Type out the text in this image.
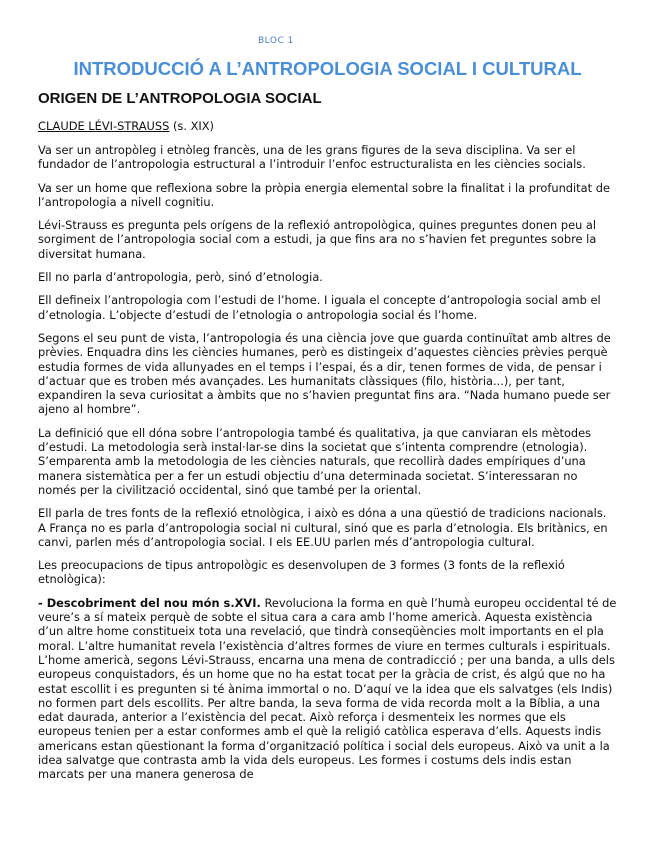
BLOC 1
INTRODUCCIÓ A L’ANTROPOLOGIA SOCIAL I CULTURAL
ORIGEN DE L’ANTROPOLOGIA SOCIAL
CLAUDE LÉVI-STRAUSS (s. XIX)

Va ser un antropòleg i etnòleg francès, una de les grans figures de la seva disciplina. Va ser el fundador de l’antropologia estructural a l’introduir l’enfoc estructuralista en les ciències socials.

Va ser un home que reflexiona sobre la pròpia energia elemental sobre la finalitat i la profunditat de l’antropologia a nivell cognitiu.

Lévi-Strauss es pregunta pels orígens de la reflexió antropològica, quines preguntes donen peu al sorgiment de l’antropologia social com a estudi, ja que fins ara no s’havien fet preguntes sobre la diversitat humana.

Ell no parla d’antropologia, però, sinó d’etnologia.

Ell defineix l’antropologia com l’estudi de l’home. I iguala el concepte d’antropologia social amb el d’etnologia. L’objecte d’estudi de l’etnologia o antropologia social és l’home.

Segons el seu punt de vista, l’antropologia és una ciència jove que guarda continuïtat amb altres de prèvies. Enquadra dins les ciències humanes, però es distingeix d’aquestes ciències prèvies perquè estudia formes de vida allunyades en el temps i l’espai, és a dir, tenen formes de vida, de pensar i d’actuar que es troben més avançades. Les humanitats clàssiques (filo, història...), per tant, expandiren la seva curiositat a àmbits que no s’havien preguntat fins ara. “Nada humano puede ser ajeno al hombre”.

La definició que ell dóna sobre l’antropologia també és qualitativa, ja que canviaran els mètodes d’estudi. La metodologia serà instal·lar-se dins la societat que s’intenta comprendre (etnologia). S’emparenta amb la metodologia de les ciències naturals, que recollirà dades empíriques d’una manera sistemàtica per a fer un estudi objectiu d’una determinada societat. S’interessaran no només per la civilització occidental, sinó que també per la oriental.

Ell parla de tres fonts de la reflexió etnològica, i això es dóna a una qüestió de tradicions nacionals. A França no es parla d’antropologia social ni cultural, sinó que es parla d’etnologia. Els britànics, en canvi, parlen més d’antropologia social. I els EE.UU parlen més d’antropologia cultural.

Les preocupacions de tipus antropològic es desenvolupen de 3 formes (3 fonts de la reflexió etnològica):

- Descobriment del nou món s.XVI. Revoluciona la forma en què l’humà europeu occidental té de veure’s a sí mateix perquè de sobte el situa cara a cara amb l’home americà. Aquesta existència d’un altre home constitueix tota una revelació, que tindrà conseqüències molt importants en el pla moral. L’altre humanitat revela l’existència d’altres formes de viure en termes culturals i espirituals. L’home americà, segons Lévi-Strauss, encarna una mena de contradicció ; per una banda, a ulls dels europeus conquistadors, és un home que no ha estat tocat per la gràcia de crist, és algú que no ha estat escollit i es pregunten si té ànima immortal o no. D’aquí ve la idea que els salvatges (els Indis) no formen part dels escollits. Per altre banda, la seva forma de vida recorda molt a la Bíblia, a una edat daurada, anterior a l’existència del pecat. Això reforça i desmenteix les normes que els europeus tenien per a estar conformes amb el què la religió catòlica esperava d’ells. Aquests indis americans estan qüestionant la forma d’organització política i social dels europeus. Això va unit a la idea salvatge que contrasta amb la vida dels europeus. Les formes i costums dels indis estan marcats per una manera generosa de
